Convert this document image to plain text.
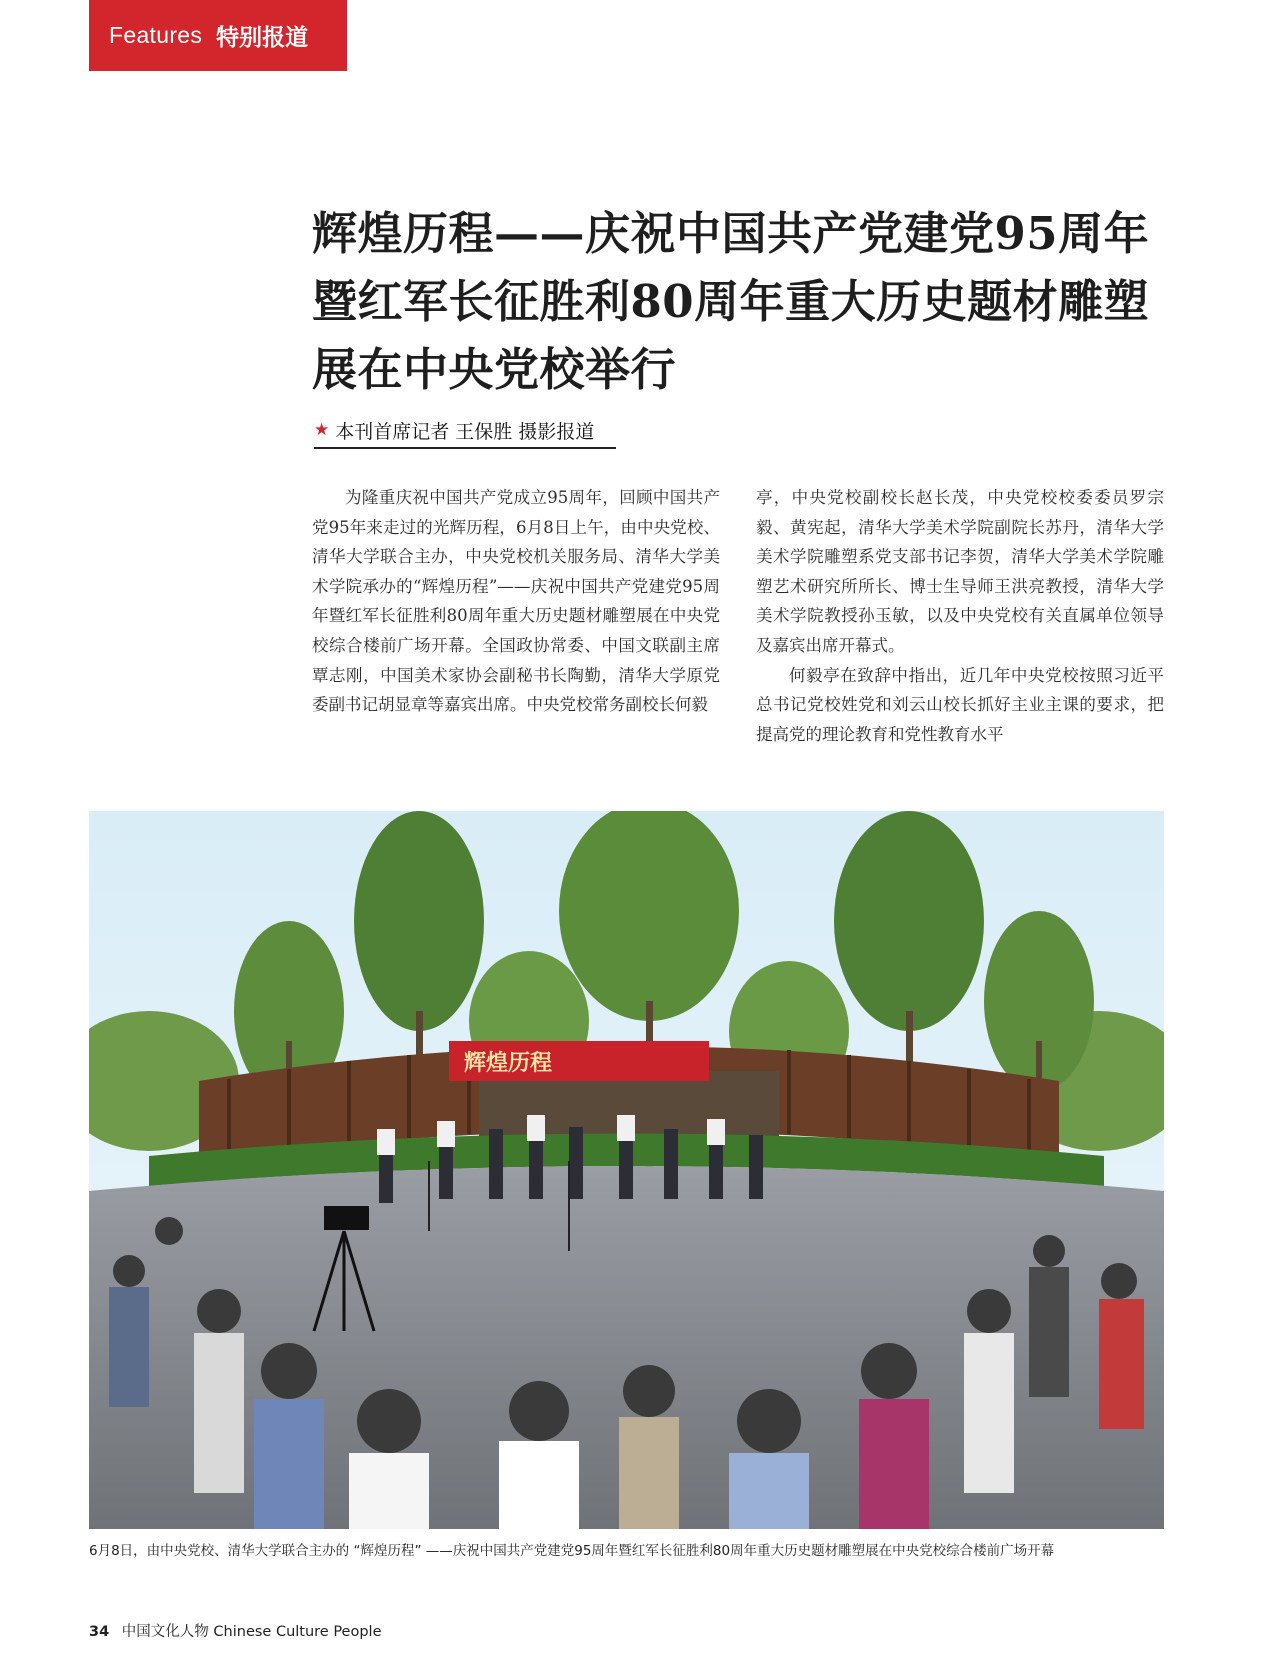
Features 特别报道
辉煌历程——庆祝中国共产党建党95周年暨红军长征胜利80周年重大历史题材雕塑展在中央党校举行
★ 本刊首席记者 王保胜 摄影报道

为隆重庆祝中国共产党成立95周年，回顾中国共产党95年来走过的光辉历程，6月8日上午，由中央党校、清华大学联合主办，中央党校机关服务局、清华大学美术学院承办的“辉煌历程”——庆祝中国共产党建党95周年暨红军长征胜利80周年重大历史题材雕塑展在中央党校综合楼前广场开幕。全国政协常委、中国文联副主席覃志刚，中国美术家协会副秘书长陶勤，清华大学原党委副书记胡显章等嘉宾出席。中央党校常务副校长何毅

亭，中央党校副校长赵长茂，中央党校校委委员罗宗毅、黄宪起，清华大学美术学院副院长苏丹，清华大学美术学院雕塑系党支部书记李贺，清华大学美术学院雕塑艺术研究所所长、博士生导师王洪亮教授，清华大学美术学院教授孙玉敏，以及中央党校有关直属单位领导及嘉宾出席开幕式。

何毅亭在致辞中指出，近几年中央党校按照习近平总书记党校姓党和刘云山校长抓好主业主课的要求，把提高党的理论教育和党性教育水平

辉煌历程
6月8日，由中央党校、清华大学联合主办的 “辉煌历程” ——庆祝中国共产党建党95周年暨红军长征胜利80周年重大历史题材雕塑展在中央党校综合楼前广场开幕
34 中国文化人物 Chinese Culture People
